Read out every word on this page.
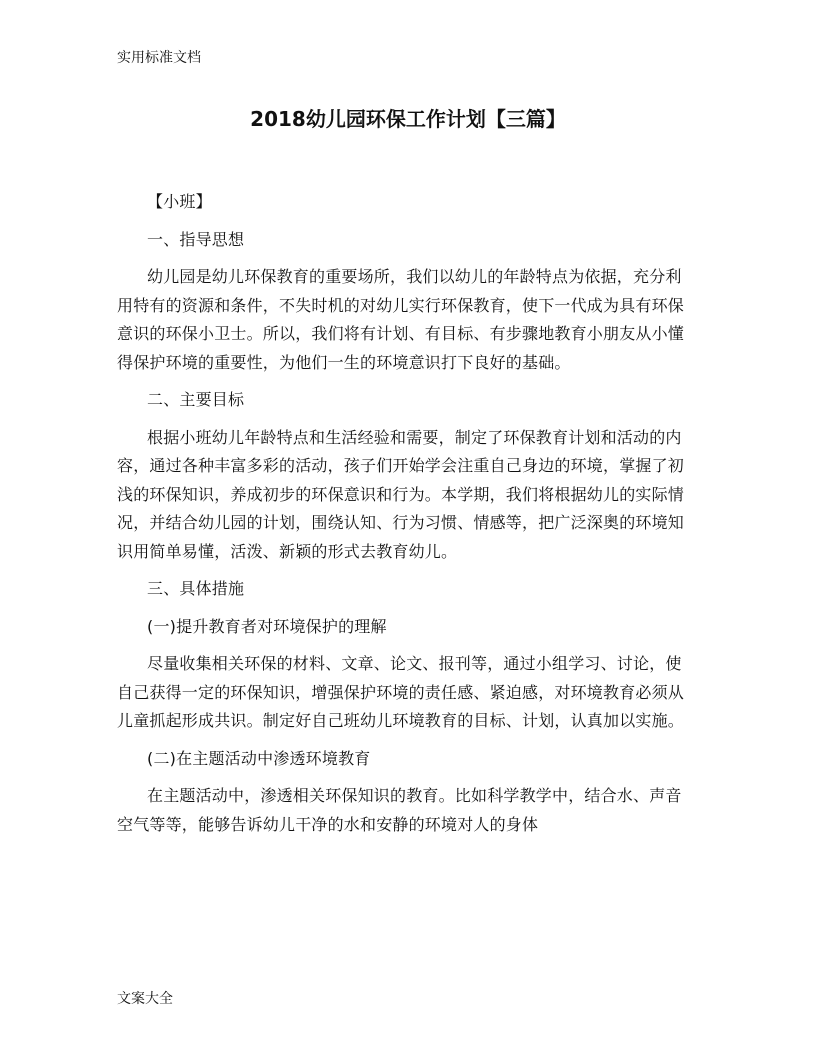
实用标准文档
2018幼儿园环保工作计划【三篇】

【小班】

一、指导思想

幼儿园是幼儿环保教育的重要场所，我们以幼儿的年龄特点为依据，充分利用特有的资源和条件，不失时机的对幼儿实行环保教育，使下一代成为具有环保意识的环保小卫士。所以，我们将有计划、有目标、有步骤地教育小朋友从小懂得保护环境的重要性，为他们一生的环境意识打下良好的基础。

二、主要目标

根据小班幼儿年龄特点和生活经验和需要，制定了环保教育计划和活动的内容，通过各种丰富多彩的活动，孩子们开始学会注重自己身边的环境，掌握了初浅的环保知识，养成初步的环保意识和行为。本学期，我们将根据幼儿的实际情况，并结合幼儿园的计划，围绕认知、行为习惯、情感等，把广泛深奥的环境知识用简单易懂，活泼、新颖的形式去教育幼儿。

三、具体措施

(一)提升教育者对环境保护的理解

尽量收集相关环保的材料、文章、论文、报刊等，通过小组学习、讨论，使自己获得一定的环保知识，增强保护环境的责任感、紧迫感，对环境教育必须从儿童抓起形成共识。制定好自己班幼儿环境教育的目标、计划，认真加以实施。

(二)在主题活动中渗透环境教育

在主题活动中，渗透相关环保知识的教育。比如科学教学中，结合水、声音空气等等，能够告诉幼儿干净的水和安静的环境对人的身体

文案大全
